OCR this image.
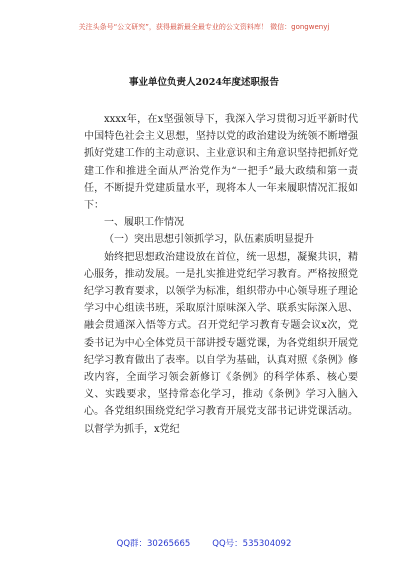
关注头条号“公文研究”，获得最新最全最专业的公文资料库！ 微信：gongwenyj
事业单位负责人2024年度述职报告

xxxx年，在x坚强领导下，我深入学习贯彻习近平新时代中国特色社会主义思想，坚持以党的政治建设为统领不断增强抓好党建工作的主动意识、主业意识和主角意识坚持把抓好党建工作和推进全面从严治党作为“一把手”最大政绩和第一责任，不断提升党建质量水平，现将本人一年来履职情况汇报如下：

一、履职工作情况

（一）突出思想引领抓学习，队伍素质明显提升

始终把思想政治建设放在首位，统一思想，凝聚共识，精心服务，推动发展。一是扎实推进党纪学习教育。严格按照党纪学习教育要求，以领学为标准，组织带办中心领导班子理论学习中心组读书班，采取原汁原味深入学、联系实际深入思、融会贯通深入悟等方式。召开党纪学习教育专题会议x次，党委书记为中心全体党员干部讲授专题党课，为各党组织开展党纪学习教育做出了表率。以自学为基础，认真对照《条例》修改内容，全面学习领会新修订《条例》的科学体系、核心要义、实践要求，坚持常态化学习，推动《条例》学习入脑入心。各党组织围绕党纪学习教育开展党支部书记讲党课活动。以督学为抓手，x党纪

QQ群：30265665	QQ号：535304092
